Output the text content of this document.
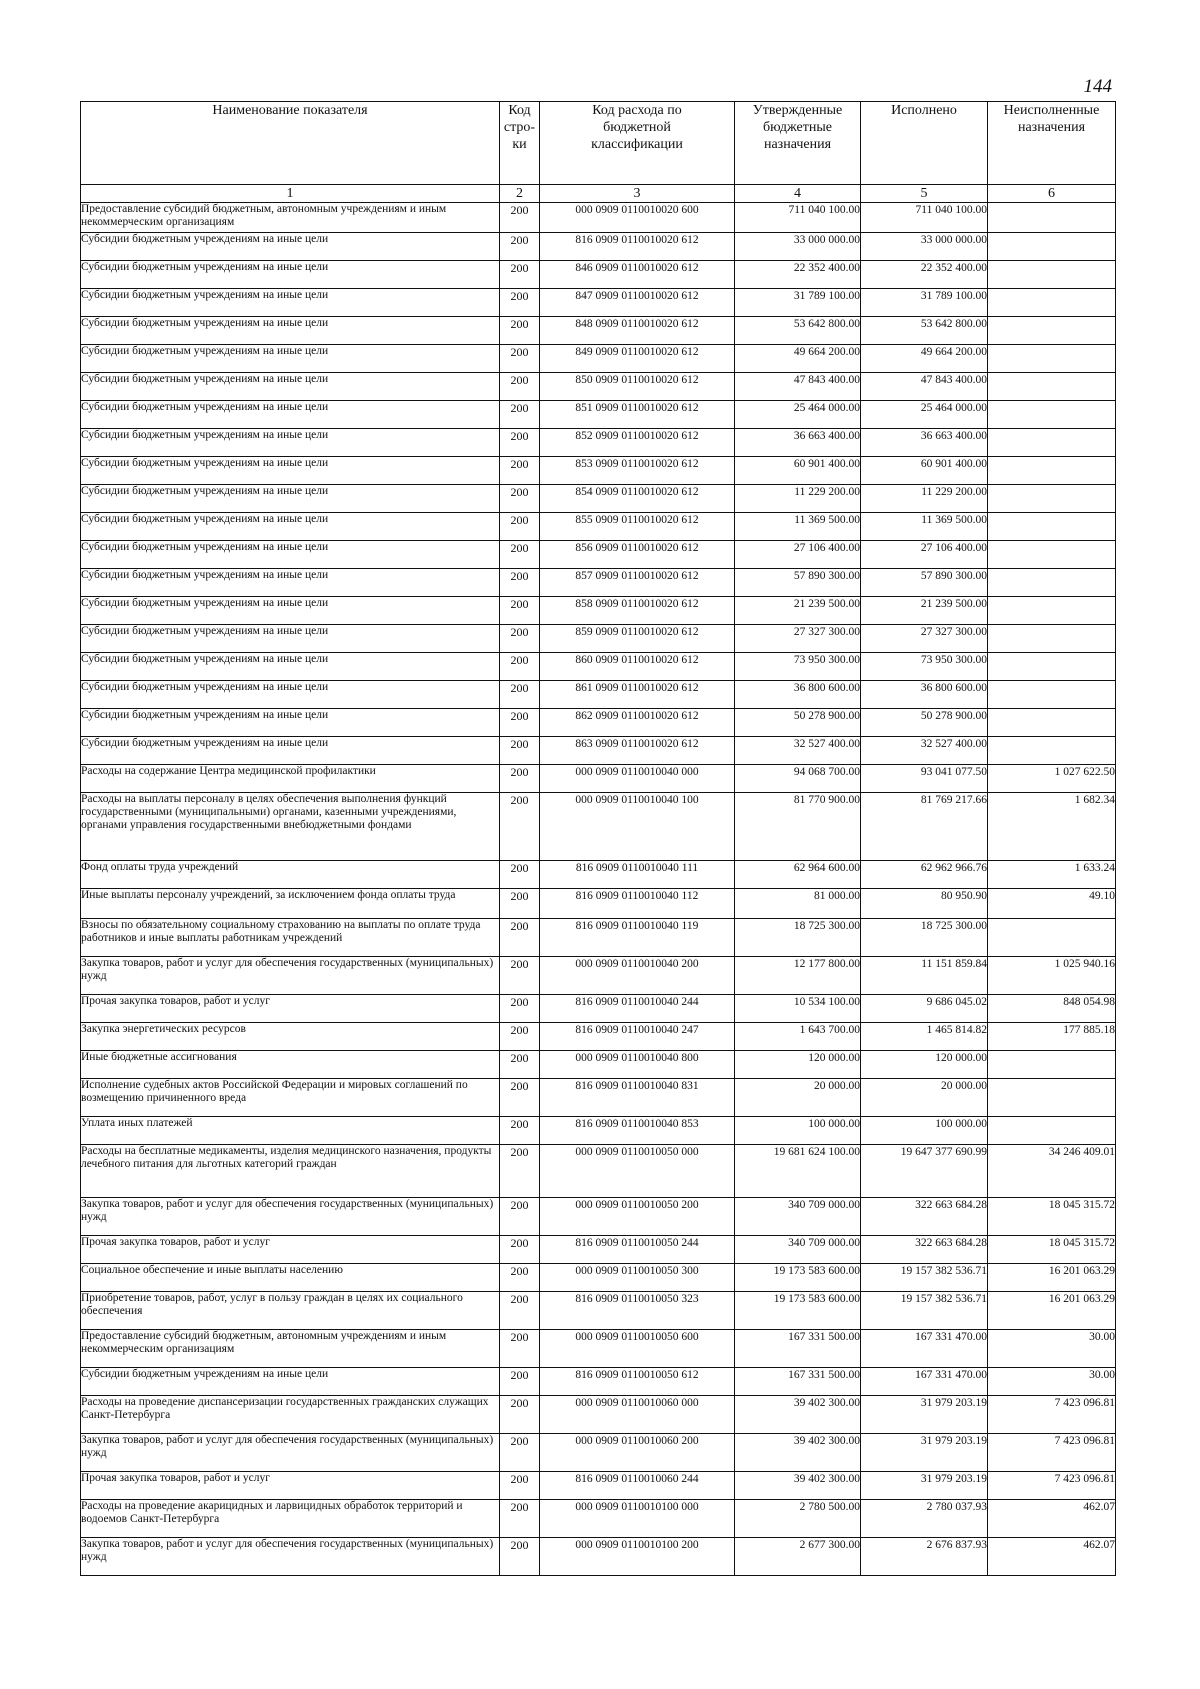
144
Наименование показателя	Код стро-ки	Код расхода по бюджетной классификации	Утвержденные бюджетные назначения	Исполнено	Неисполненные назначения
1	2	3	4	5	6
Предоставление субсидий бюджетным, автономным учреждениям и иным некоммерческим организациям	200	000 0909 0110010020 600	711 040 100.00	711 040 100.00	
Субсидии бюджетным учреждениям на иные цели	200	816 0909 0110010020 612	33 000 000.00	33 000 000.00	
Субсидии бюджетным учреждениям на иные цели	200	846 0909 0110010020 612	22 352 400.00	22 352 400.00	
Субсидии бюджетным учреждениям на иные цели	200	847 0909 0110010020 612	31 789 100.00	31 789 100.00	
Субсидии бюджетным учреждениям на иные цели	200	848 0909 0110010020 612	53 642 800.00	53 642 800.00	
Субсидии бюджетным учреждениям на иные цели	200	849 0909 0110010020 612	49 664 200.00	49 664 200.00	
Субсидии бюджетным учреждениям на иные цели	200	850 0909 0110010020 612	47 843 400.00	47 843 400.00	
Субсидии бюджетным учреждениям на иные цели	200	851 0909 0110010020 612	25 464 000.00	25 464 000.00	
Субсидии бюджетным учреждениям на иные цели	200	852 0909 0110010020 612	36 663 400.00	36 663 400.00	
Субсидии бюджетным учреждениям на иные цели	200	853 0909 0110010020 612	60 901 400.00	60 901 400.00	
Субсидии бюджетным учреждениям на иные цели	200	854 0909 0110010020 612	11 229 200.00	11 229 200.00	
Субсидии бюджетным учреждениям на иные цели	200	855 0909 0110010020 612	11 369 500.00	11 369 500.00	
Субсидии бюджетным учреждениям на иные цели	200	856 0909 0110010020 612	27 106 400.00	27 106 400.00	
Субсидии бюджетным учреждениям на иные цели	200	857 0909 0110010020 612	57 890 300.00	57 890 300.00	
Субсидии бюджетным учреждениям на иные цели	200	858 0909 0110010020 612	21 239 500.00	21 239 500.00	
Субсидии бюджетным учреждениям на иные цели	200	859 0909 0110010020 612	27 327 300.00	27 327 300.00	
Субсидии бюджетным учреждениям на иные цели	200	860 0909 0110010020 612	73 950 300.00	73 950 300.00	
Субсидии бюджетным учреждениям на иные цели	200	861 0909 0110010020 612	36 800 600.00	36 800 600.00	
Субсидии бюджетным учреждениям на иные цели	200	862 0909 0110010020 612	50 278 900.00	50 278 900.00	
Субсидии бюджетным учреждениям на иные цели	200	863 0909 0110010020 612	32 527 400.00	32 527 400.00	
Расходы на содержание Центра медицинской профилактики	200	000 0909 0110010040 000	94 068 700.00	93 041 077.50	1 027 622.50
Расходы на выплаты персоналу в целях обеспечения выполнения функций государственными (муниципальными) органами, казенными учреждениями, органами управления государственными внебюджетными фондами	200	000 0909 0110010040 100	81 770 900.00	81 769 217.66	1 682.34
Фонд оплаты труда учреждений	200	816 0909 0110010040 111	62 964 600.00	62 962 966.76	1 633.24
Иные выплаты персоналу учреждений, за исключением фонда оплаты труда	200	816 0909 0110010040 112	81 000.00	80 950.90	49.10
Взносы по обязательному социальному страхованию на выплаты по оплате труда работников и иные выплаты работникам учреждений	200	816 0909 0110010040 119	18 725 300.00	18 725 300.00	
Закупка товаров, работ и услуг для обеспечения государственных (муниципальных) нужд	200	000 0909 0110010040 200	12 177 800.00	11 151 859.84	1 025 940.16
Прочая закупка товаров, работ и услуг	200	816 0909 0110010040 244	10 534 100.00	9 686 045.02	848 054.98
Закупка энергетических ресурсов	200	816 0909 0110010040 247	1 643 700.00	1 465 814.82	177 885.18
Иные бюджетные ассигнования	200	000 0909 0110010040 800	120 000.00	120 000.00	
Исполнение судебных актов Российской Федерации и мировых соглашений по возмещению причиненного вреда	200	816 0909 0110010040 831	20 000.00	20 000.00	
Уплата иных платежей	200	816 0909 0110010040 853	100 000.00	100 000.00	
Расходы на бесплатные медикаменты, изделия медицинского назначения, продукты лечебного питания для льготных категорий граждан	200	000 0909 0110010050 000	19 681 624 100.00	19 647 377 690.99	34 246 409.01
Закупка товаров, работ и услуг для обеспечения государственных (муниципальных) нужд	200	000 0909 0110010050 200	340 709 000.00	322 663 684.28	18 045 315.72
Прочая закупка товаров, работ и услуг	200	816 0909 0110010050 244	340 709 000.00	322 663 684.28	18 045 315.72
Социальное обеспечение и иные выплаты населению	200	000 0909 0110010050 300	19 173 583 600.00	19 157 382 536.71	16 201 063.29
Приобретение товаров, работ, услуг в пользу граждан в целях их социального обеспечения	200	816 0909 0110010050 323	19 173 583 600.00	19 157 382 536.71	16 201 063.29
Предоставление субсидий бюджетным, автономным учреждениям и иным некоммерческим организациям	200	000 0909 0110010050 600	167 331 500.00	167 331 470.00	30.00
Субсидии бюджетным учреждениям на иные цели	200	816 0909 0110010050 612	167 331 500.00	167 331 470.00	30.00
Расходы на проведение диспансеризации государственных гражданских служащих Санкт-Петербурга	200	000 0909 0110010060 000	39 402 300.00	31 979 203.19	7 423 096.81
Закупка товаров, работ и услуг для обеспечения государственных (муниципальных) нужд	200	000 0909 0110010060 200	39 402 300.00	31 979 203.19	7 423 096.81
Прочая закупка товаров, работ и услуг	200	816 0909 0110010060 244	39 402 300.00	31 979 203.19	7 423 096.81
Расходы на проведение акарицидных и ларвицидных обработок территорий и водоемов Санкт-Петербурга	200	000 0909 0110010100 000	2 780 500.00	2 780 037.93	462.07
Закупка товаров, работ и услуг для обеспечения государственных (муниципальных) нужд	200	000 0909 0110010100 200	2 677 300.00	2 676 837.93	462.07
